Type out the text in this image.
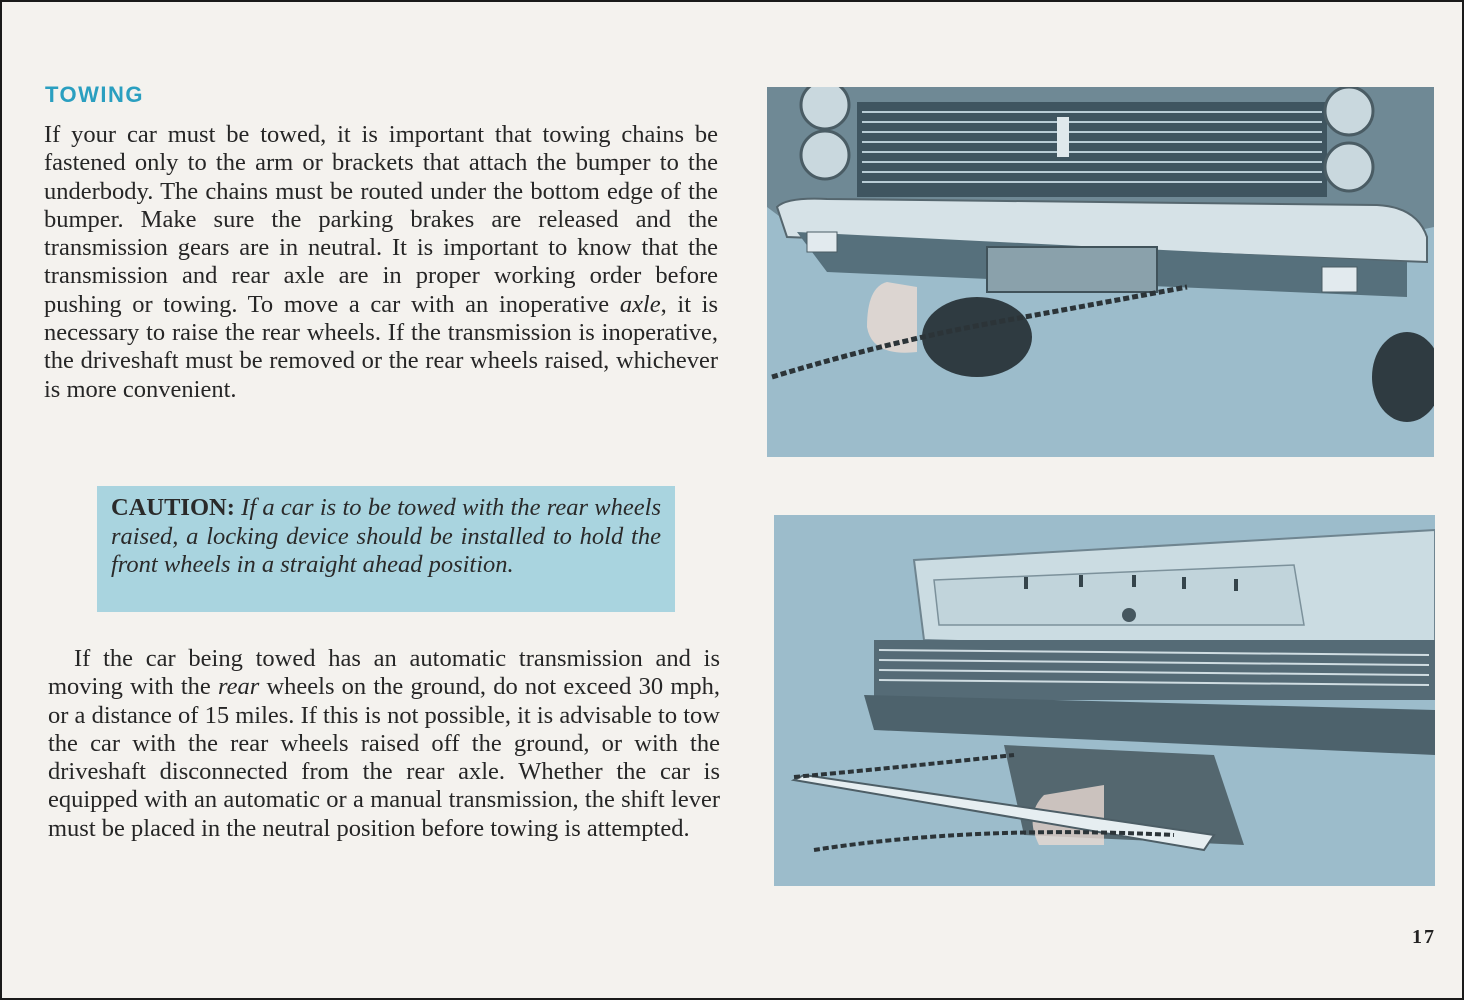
TOWING

If your car must be towed, it is important that towing chains be fastened only to the arm or brackets that attach the bumper to the underbody. The chains must be routed under the bottom edge of the bumper. Make sure the parking brakes are released and the transmission gears are in neutral. It is important to know that the transmission and rear axle are in proper working order before pushing or towing. To move a car with an inoperative axle, it is necessary to raise the rear wheels. If the transmission is inoperative, the driveshaft must be removed or the rear wheels raised, whichever is more convenient.

CAUTION: If a car is to be towed with the rear wheels raised, a locking device should be installed to hold the front wheels in a straight ahead position.

If the car being towed has an automatic transmission and is moving with the rear wheels on the ground, do not exceed 30 mph, or a distance of 15 miles. If this is not possible, it is advisable to tow the car with the rear wheels raised off the ground, or with the driveshaft disconnected from the rear axle. Whether the car is equipped with an automatic or a manual transmission, the shift lever must be placed in the neutral position before towing is attempted.

17
